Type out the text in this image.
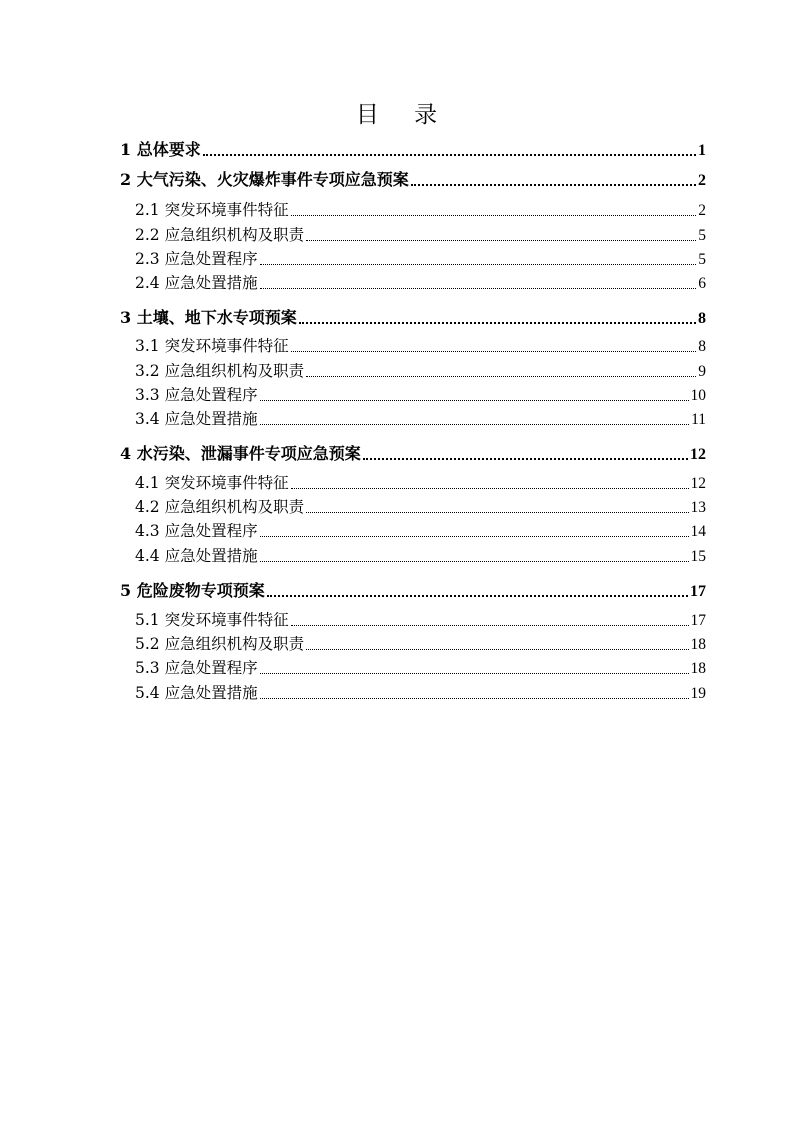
目 录
1 总体要求	1
2 大气污染、火灾爆炸事件专项应急预案	2
2.1 突发环境事件特征	2
2.2 应急组织机构及职责	5
2.3 应急处置程序	5
2.4 应急处置措施	6
3 土壤、地下水专项预案	8
3.1 突发环境事件特征	8
3.2 应急组织机构及职责	9
3.3 应急处置程序	10
3.4 应急处置措施	11
4 水污染、泄漏事件专项应急预案	12
4.1 突发环境事件特征	12
4.2 应急组织机构及职责	13
4.3 应急处置程序	14
4.4 应急处置措施	15
5 危险废物专项预案	17
5.1 突发环境事件特征	17
5.2 应急组织机构及职责	18
5.3 应急处置程序	18
5.4 应急处置措施	19
